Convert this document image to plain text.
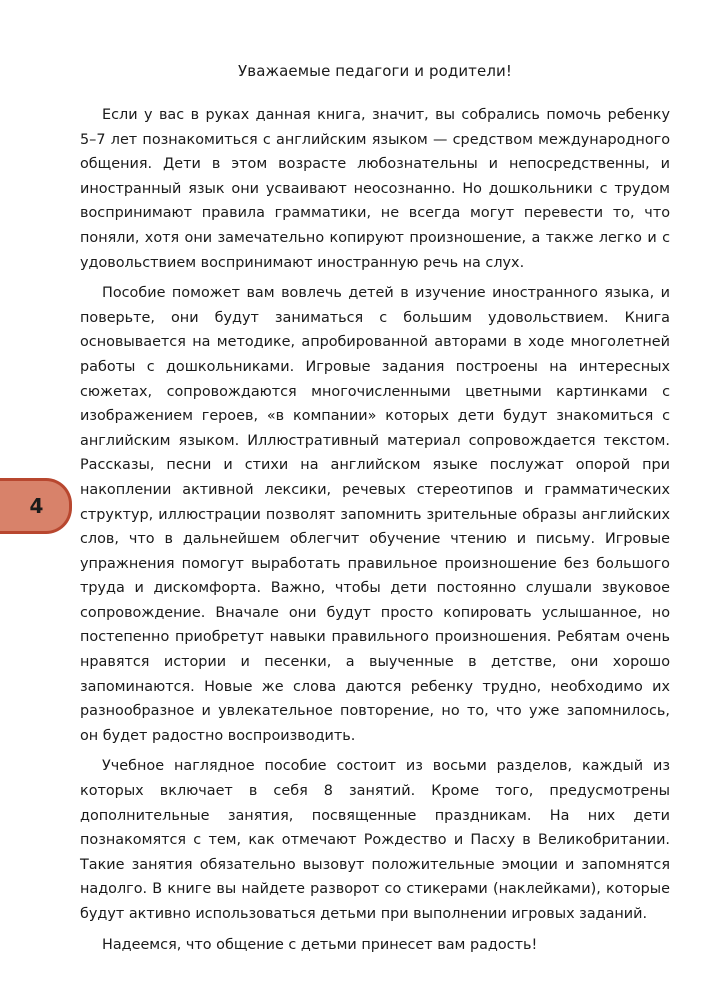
Уважаемые педагоги и родители!

Если у вас в руках данная книга, значит, вы собрались помочь ребенку 5–7 лет познакомиться с английским языком — средством международного общения. Дети в этом возрасте любознательны и непосредственны, и иностранный язык они усваивают неосознанно. Но дошкольники с трудом воспринимают правила грамматики, не всегда могут перевести то, что поняли, хотя они замечательно копируют произношение, а также легко и с удовольствием воспринимают иностранную речь на слух.

Пособие поможет вам вовлечь детей в изучение иностранного языка, и поверьте, они будут заниматься с большим удовольствием. Книга основывается на методике, апробированной авторами в ходе многолетней работы с дошкольниками. Игровые задания построены на интересных сюжетах, сопровождаются многочисленными цветными картинками с изображением героев, «в компании» которых дети будут знакомиться с английским языком. Иллюстративный материал сопровождается текстом. Рассказы, песни и стихи на английском языке послужат опорой при накоплении активной лексики, речевых стереотипов и грамматических структур, иллюстрации позволят запомнить зрительные образы английских слов, что в дальнейшем облегчит обучение чтению и письму. Игровые упражнения помогут выработать правильное произношение без большого труда и дискомфорта. Важно, чтобы дети постоянно слушали звуковое сопровождение. Вначале они будут просто копировать услышанное, но постепенно приобретут навыки правильного произношения. Ребятам очень нравятся истории и песенки, а выученные в детстве, они хорошо запоминаются. Новые же слова даются ребенку трудно, необходимо их разнообразное и увлекательное повторение, но то, что уже запомнилось, он будет радостно воспроизводить.

Учебное наглядное пособие состоит из восьми разделов, каждый из которых включает в себя 8 занятий. Кроме того, предусмотрены дополнительные занятия, посвященные праздникам. На них дети познакомятся с тем, как отмечают Рождество и Пасху в Великобритании. Такие занятия обязательно вызовут положительные эмоции и запомнятся надолго. В книге вы найдете разворот со стикерами (наклейками), которые будут активно использоваться детьми при выполнении игровых заданий.

Надеемся, что общение с детьми принесет вам радость!

4
